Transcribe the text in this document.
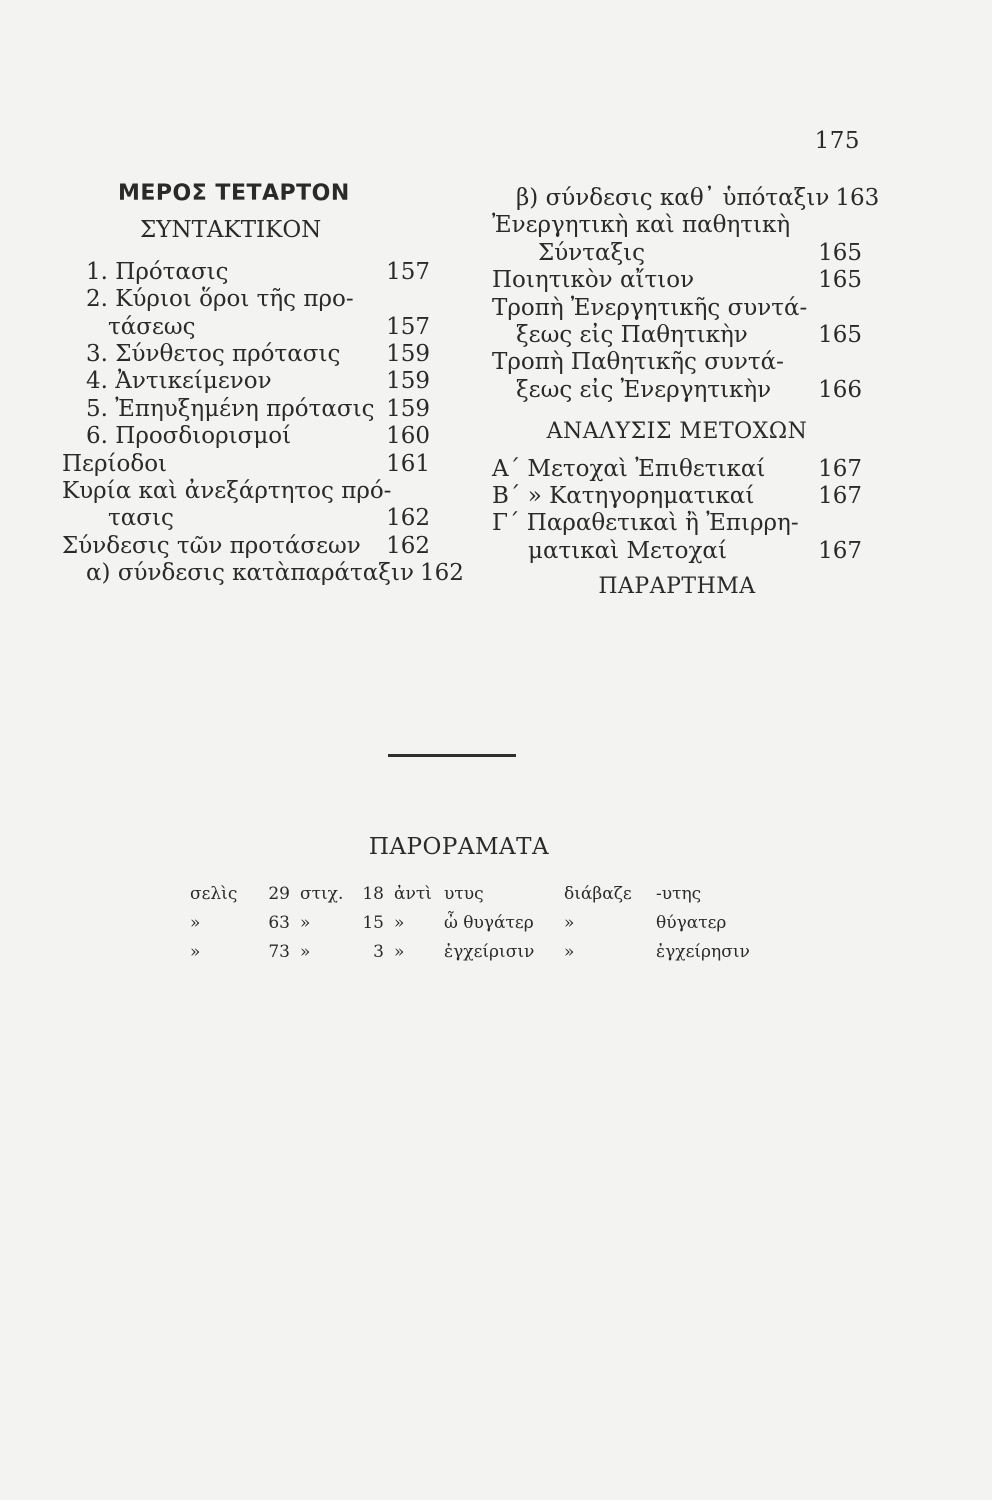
175
ΜΕΡΟΣ ΤΕΤΑΡΤΟΝ
ΣΥΝΤΑΚΤΙΚΟΝ
1. Πρότασις	157
2. Κύριοι ὅροι τῆς προ-
τάσεως	157
3. Σύνθετος πρότασις 159
4. Ἀντικείμενον	159
5. Ἐπηυξημένη πρότασις 159
6. Προσδιορισμοί	160
Περίοδοι	161
Κυρία καὶ ἀνεξάρτητος πρό-
τασις	162
Σύνδεσις τῶν προτάσεων 162
α) σύνδεσις κατὰπαράταξιν 162
β) σύνδεσις καθ᾽ ὑπόταξιν 163
Ἐνεργητικὴ καὶ παθητικὴ
Σύνταξις	165
Ποιητικὸν αἴτιον	165
Τροπὴ Ἐνεργητικῆς συντά-
ξεως εἰς Παθητικὴν	165
Τροπὴ Παθητικῆς συντά-
ξεως εἰς Ἐνεργητικὴν 166
ΑΝΑΛΥΣΙΣ ΜΕΤΟΧΩΝ
Α΄ Μετοχαὶ Ἐπιθετικαί 167
Β΄ » Κατηγορηματικαί	167
Γ΄ Παραθετικαὶ ἢ Ἐπιρρη-
ματικαὶ Μετοχαί	167
ΠΑΡΑΡΤΗΜΑ
ΠΑΡΟΡΑΜΑΤΑ
σελὶς	29 στιχ.	18 ἀντὶ υτυς	διάβαζε	-υτης
»	63 »	15 »	ὦ θυγάτερ	»	θύγατερ
»	73 »	3 »	ἐγχείρισιν	»	ἐγχείρησιν
